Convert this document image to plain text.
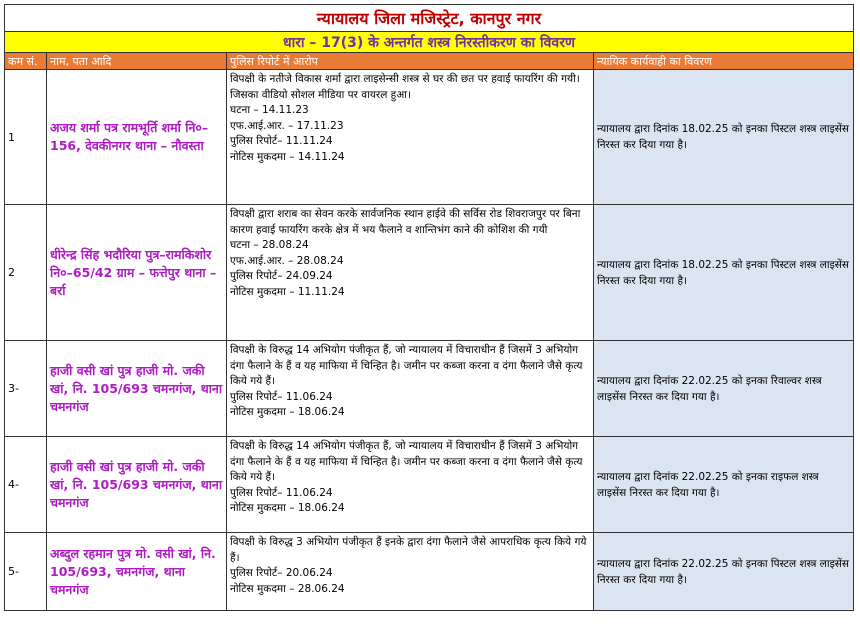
न्यायालय जिला मजिस्ट्रेट, कानपुर नगर			
धारा – 17(3) के अन्तर्गत शस्त्र निरस्तीकरण का विवरण			
कम सं.	नाम, पता आदि	पुलिस रिपोर्ट में आरोप	न्यायिक कार्यवाही का विवरण
1	अजय शर्मा पत्र रामभूर्ति शर्मा नि०–156, देवकीनगर थाना – नौवस्ता	विपक्षी के नतीजे विकास शर्मा द्वारा लाइसेन्सी शस्त्र से घर की छत पर हवाई फायरिंग की गयी। जिसका वीडियो सोशल मीडिया पर वायरल हुआ।
घटना – 14.11.23
एफ.आई.आर. – 17.11.23
पुलिस रिपोर्ट– 11.11.24
नोटिस मुकदमा – 14.11.24	न्यायालय द्वारा दिनांक 18.02.25 को इनका पिस्टल शस्त्र लाइसेंस निरस्त कर दिया गया है।
2	धीरेन्द्र सिंह भदौरिया पुत्र–रामकिशोर नि०–65/42 ग्राम – फत्तेपुर थाना – बर्रा	विपक्षी द्वारा शराब का सेवन करके सार्वजनिक स्थान हाईवे की सर्विस रोड शिवराजपुर पर बिना कारण हवाई फायरिंग करके क्षेत्र में भय फैलाने व शान्तिभंग काने की कोशिश की गयी
घटना – 28.08.24
एफ.आई.आर. – 28.08.24
पुलिस रिपोर्ट– 24.09.24
नोटिस मुकदमा – 11.11.24	न्यायालय द्वारा दिनांक 18.02.25 को इनका पिस्टल शस्त्र लाइसेंस निरस्त कर दिया गया है।
3-	हाजी वसी खां पुत्र हाजी मो. जकी खां, नि. 105/693 चमनगंज, थाना चमनगंज	विपक्षी के विरुद्ध 14 अभियोग पंजीकृत हैं, जो न्यायालय में विचाराधीन हैं जिसमें 3 अभियोग दंगा फैलाने के हैं व यह माफिया में चिन्हित है। जमीन पर कब्जा करना व दंगा फैलाने जैसे कृत्य किये गये हैं।
पुलिस रिपोर्ट– 11.06.24
नोटिस मुकदमा – 18.06.24	न्यायालय द्वारा दिनांक 22.02.25 को इनका रिवाल्वर शस्त्र लाइसेंस निरस्त कर दिया गया है।
4-	हाजी वसी खां पुत्र हाजी मो. जकी खां, नि. 105/693 चमनगंज, थाना चमनगंज	विपक्षी के विरुद्ध 14 अभियोग पंजीकृत हैं, जो न्यायालय में विचाराधीन हैं जिसमें 3 अभियोग दंगा फैलाने के हैं व यह माफिया में चिन्हित है। जमीन पर कब्जा करना व दंगा फैलाने जैसे कृत्य किये गये हैं।
पुलिस रिपोर्ट– 11.06.24
नोटिस मुकदमा – 18.06.24	न्यायालय द्वारा दिनांक 22.02.25 को इनका राइफल शस्त्र लाइसेंस निरस्त कर दिया गया है।
5-	अब्दुल रहमान पुत्र मो. वसी खां, नि. 105/693, चमनगंज, थाना चमनगंज	विपक्षी के विरुद्ध 3 अभियोग पंजीकृत हैं इनके द्वारा दंगा फैलाने जैसे आपराधिक कृत्य किये गये हैं।
पुलिस रिपोर्ट– 20.06.24
नोटिस मुकदमा – 28.06.24	न्यायालय द्वारा दिनांक 22.02.25 को इनका पिस्टल शस्त्र लाइसेंस निरस्त कर दिया गया है।
